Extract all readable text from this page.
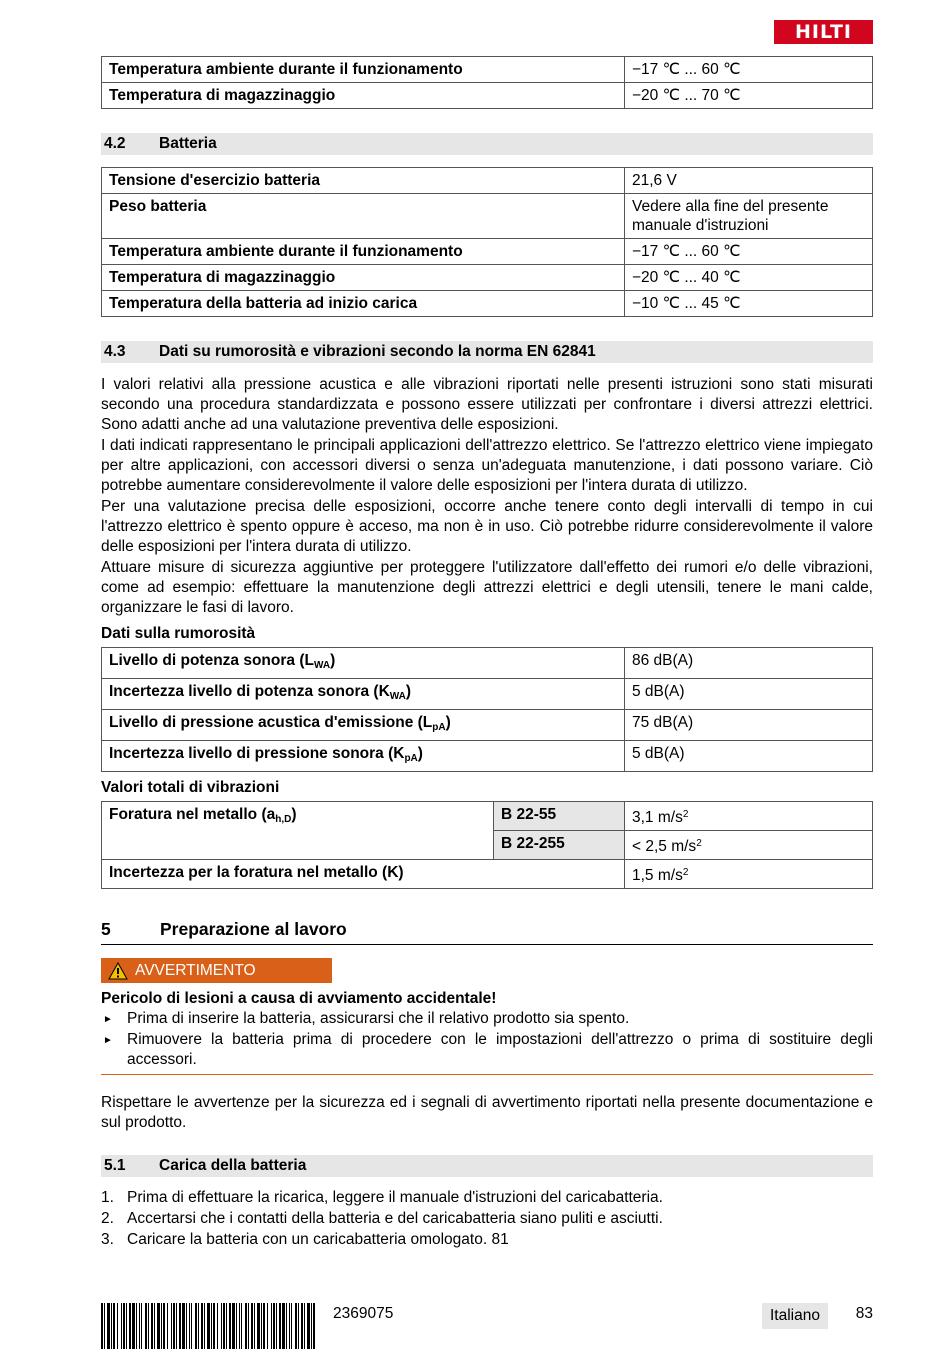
HILTI
Temperatura ambiente durante il funzionamento	−17 ℃ ... 60 ℃
Temperatura di magazzinaggio	−20 ℃ ... 70 ℃
4.2	Batteria
Tensione d'esercizio batteria	21,6 V
Peso batteria	Vedere alla fine del presente manuale d'istruzioni
Temperatura ambiente durante il funzionamento	−17 ℃ ... 60 ℃
Temperatura di magazzinaggio	−20 ℃ ... 40 ℃
Temperatura della batteria ad inizio carica	−10 ℃ ... 45 ℃
4.3	Dati su rumorosità e vibrazioni secondo la norma EN 62841

I valori relativi alla pressione acustica e alle vibrazioni riportati nelle presenti istruzioni sono stati misurati secondo una procedura standardizzata e possono essere utilizzati per confrontare i diversi attrezzi elettrici. Sono adatti anche ad una valutazione preventiva delle esposizioni.

I dati indicati rappresentano le principali applicazioni dell'attrezzo elettrico. Se l'attrezzo elettrico viene impiegato per altre applicazioni, con accessori diversi o senza un'adeguata manutenzione, i dati possono variare. Ciò potrebbe aumentare considerevolmente il valore delle esposizioni per l'intera durata di utilizzo.

Per una valutazione precisa delle esposizioni, occorre anche tenere conto degli intervalli di tempo in cui l'attrezzo elettrico è spento oppure è acceso, ma non è in uso. Ciò potrebbe ridurre considerevolmente il valore delle esposizioni per l'intera durata di utilizzo.

Attuare misure di sicurezza aggiuntive per proteggere l'utilizzatore dall'effetto dei rumori e/o delle vibrazioni, come ad esempio: effettuare la manutenzione degli attrezzi elettrici e degli utensili, tenere le mani calde, organizzare le fasi di lavoro.

Dati sulla rumorosità
Livello di potenza sonora $(L_{WA})$	86 dB(A)
Incertezza livello di potenza sonora $(K_{WA})$	5 dB(A)
Livello di pressione acustica d'emissione $(L_{pA})$	75 dB(A)
Incertezza livello di pressione sonora $(K_{pA})$	5 dB(A)
Valori totali di vibrazioni
Foratura nel metallo $(a_{h,D})$	B 22-55	3,1 $m/s^2$
	B 22-255	< 2,5 $m/s^2$
Incertezza per la foratura nel metallo (K)		1,5 $m/s^2$
5	Preparazione al lavoro
AVVERTIMENTO
Pericolo di lesioni a causa di avviamento accidentale!
► Prima di inserire la batteria, assicurarsi che il relativo prodotto sia spento.
► Rimuovere la batteria prima di procedere con le impostazioni dell'attrezzo o prima di sostituire degli accessori.

Rispettare le avvertenze per la sicurezza ed i segnali di avvertimento riportati nella presente documentazione e sul prodotto.

5.1	Carica della batteria
1. Prima di effettuare la ricarica, leggere il manuale d'istruzioni del caricabatteria.
2. Accertarsi che i contatti della batteria e del caricabatteria siano puliti e asciutti.
3. Caricare la batteria con un caricabatteria omologato. 81
2369075	Italiano	83
